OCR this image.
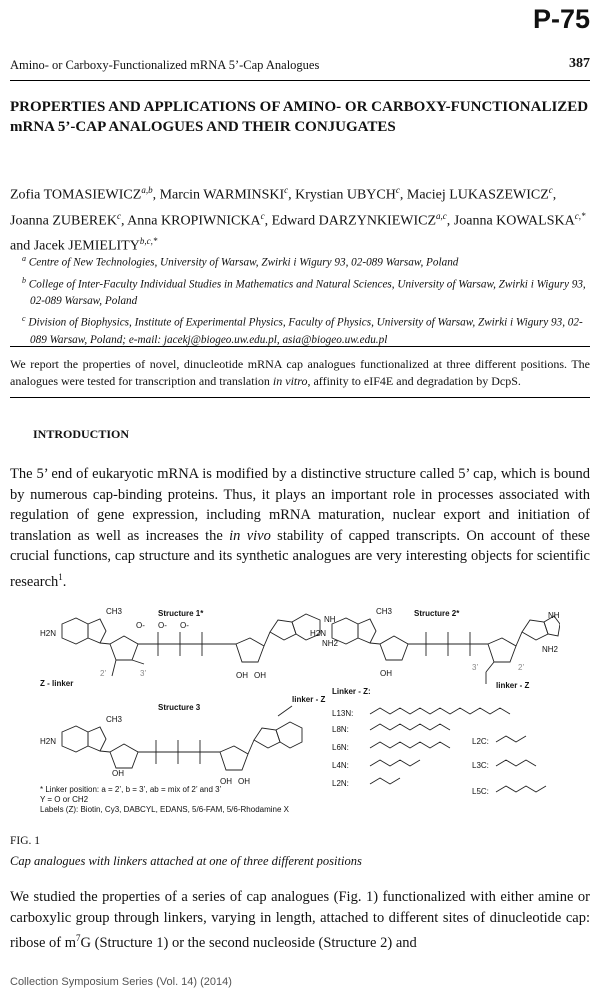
P-75
Amino- or Carboxy-Functionalized mRNA 5’-Cap Analogues	387
PROPERTIES AND APPLICATIONS OF AMINO- OR CARBOXY-FUNCTIONALIZED mRNA 5’-CAP ANALOGUES AND THEIR CONJUGATES
Zofia TOMASIEWICZ$^{a,b}$, Marcin WARMINSKI$^c$, Krystian UBYCH$^c$, Maciej LUKASZEWICZ$^c$, Joanna ZUBEREK$^c$, Anna KROPIWNICKA$^c$, Edward DARZYNKIEWICZ$^{a,c}$, Joanna $KOWALSKA^{c,*}$ and Jacek $JEMIELITY^{b,c,*}$
$^a$ Centre of New Technologies, University of Warsaw, Zwirki i Wigury 93, 02-089 Warsaw, Poland
$^b$ College of Inter-Faculty Individual Studies in Mathematics and Natural Sciences, University of Warsaw, Zwirki i Wigury 93, 02-089 Warsaw, Poland
$^c$ Division of Biophysics, Institute of Experimental Physics, Faculty of Physics, University of Warsaw, Zwirki i Wigury 93, 02-089 Warsaw, Poland; e-mail: jacekj@biogeo.uw.edu.pl, asia@biogeo.uw.edu.pl
We report the properties of novel, dinucleotide mRNA cap analogues functionalized at three different positions. The analogues were tested for transcription and translation in vitro, affinity to eIF4E and degradation by DcpS.
INTRODUCTION
The 5’ end of eukaryotic mRNA is modified by a distinctive structure called 5’ cap, which is bound by numerous cap-binding proteins. Thus, it plays an important role in processes associated with regulation of gene expression, including mRNA maturation, nuclear export and initiation of translation as well as increases the in vivo stability of capped transcripts. On account of these crucial functions, cap structure and its synthetic analogues are very interesting objects for scientific research$^1$.
Structure 1*	Structure 2*
Structure 3
Linker - Z:
H2N	H2N
H2N
CH3	CH3
CH3
NH2
NH2
NH	NH
OH OH	OH
OH
OH OH
2’	3’
3’	2’
O- O- O-
Z - linker	linker - Z
linker - Z
L13N:
L8N:
L6N:
L4N:
L2N:
L2C:
L3C:
L5C:
* Linker position: a = 2’, b = 3’, ab = mix of 2’ and 3’
Y = O or CH2
Labels (Z): Biotin, Cy3, DABCYL, EDANS, 5/6-FAM, 5/6-Rhodamine X
FIG. 1
Cap analogues with linkers attached at one of three different positions
We studied the properties of a series of cap analogues (Fig. 1) functionalized with either amine or carboxylic group through linkers, varying in length, attached to different sites of dinucleotide cap: ribose of $m^7G$ (Structure 1) or the second nucleoside (Structure 2) and
Collection Symposium Series (Vol. 14) (2014)
